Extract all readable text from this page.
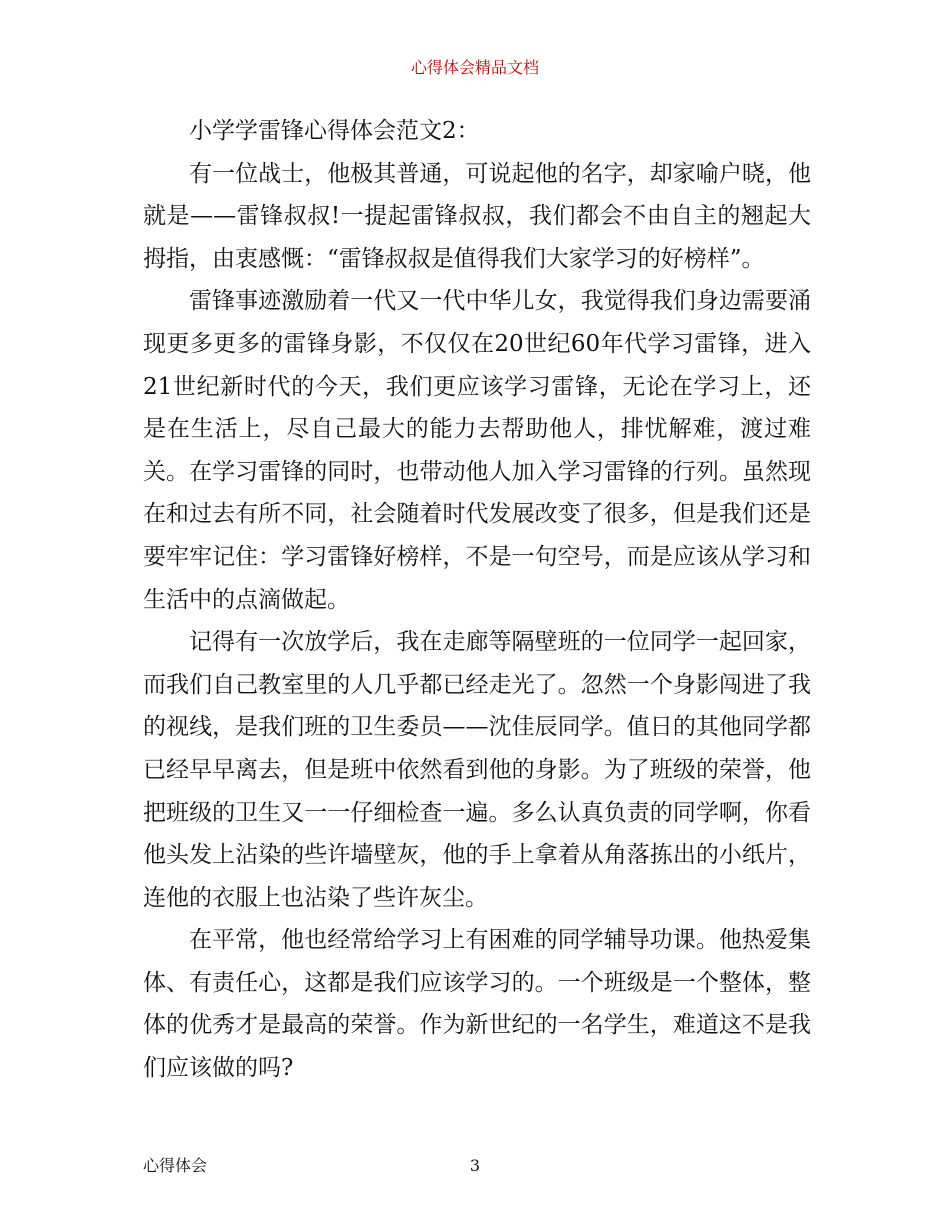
心得体会精品文档

小学学雷锋心得体会范文2：

有一位战士，他极其普通，可说起他的名字，却家喻户晓，他就是——雷锋叔叔!一提起雷锋叔叔，我们都会不由自主的翘起大拇指，由衷感慨：“雷锋叔叔是值得我们大家学习的好榜样”。

雷锋事迹激励着一代又一代中华儿女，我觉得我们身边需要涌现更多更多的雷锋身影，不仅仅在20世纪60年代学习雷锋，进入21世纪新时代的今天，我们更应该学习雷锋，无论在学习上，还是在生活上，尽自己最大的能力去帮助他人，排忧解难，渡过难关。在学习雷锋的同时，也带动他人加入学习雷锋的行列。虽然现在和过去有所不同，社会随着时代发展改变了很多，但是我们还是要牢牢记住：学习雷锋好榜样，不是一句空号，而是应该从学习和生活中的点滴做起。

记得有一次放学后，我在走廊等隔壁班的一位同学一起回家，而我们自己教室里的人几乎都已经走光了。忽然一个身影闯进了我的视线，是我们班的卫生委员——沈佳辰同学。值日的其他同学都已经早早离去，但是班中依然看到他的身影。为了班级的荣誉，他把班级的卫生又一一仔细检查一遍。多么认真负责的同学啊，你看他头发上沾染的些许墙壁灰，他的手上拿着从角落拣出的小纸片，连他的衣服上也沾染了些许灰尘。

在平常，他也经常给学习上有困难的同学辅导功课。他热爱集体、有责任心，这都是我们应该学习的。一个班级是一个整体，整体的优秀才是最高的荣誉。作为新世纪的一名学生，难道这不是我们应该做的吗?

心得体会	3
